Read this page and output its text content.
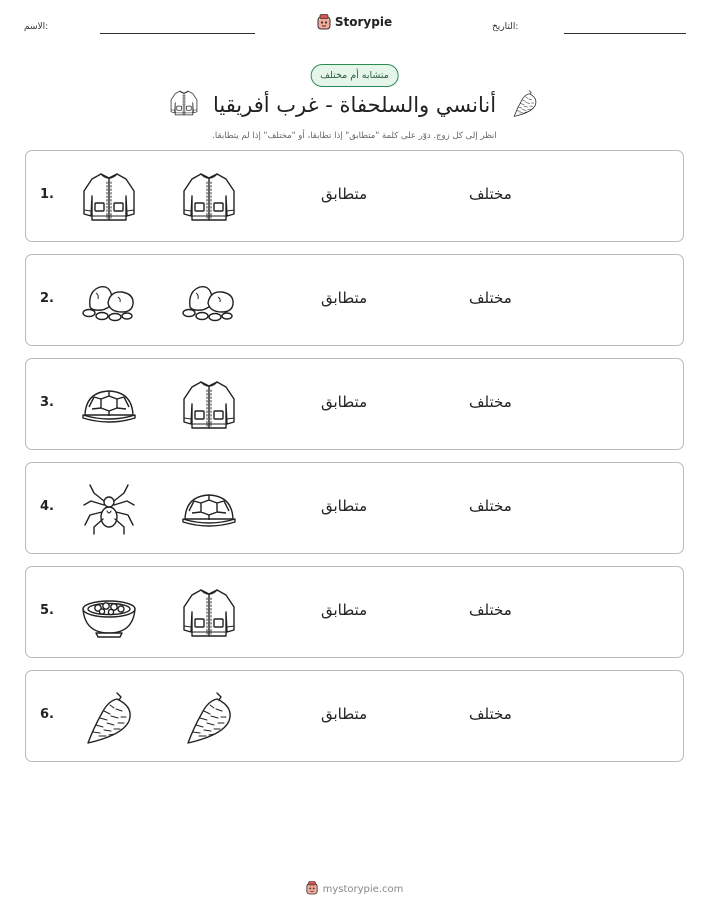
الاسم:	Storypie	التاريخ:
متشابه أم مختلف
أنانسي والسلحفاة - غرب أفريقيا
انظر إلى كل زوج. دوّر على كلمة "متطابق" إذا تطابقا، أو "مختلف" إذا لم يتطابقا.
1.	متطابق	مختلف
2.	متطابق	مختلف
3.	متطابق	مختلف
4.	متطابق	مختلف
5.	متطابق	مختلف
6.	متطابق	مختلف
mystorypie.com
